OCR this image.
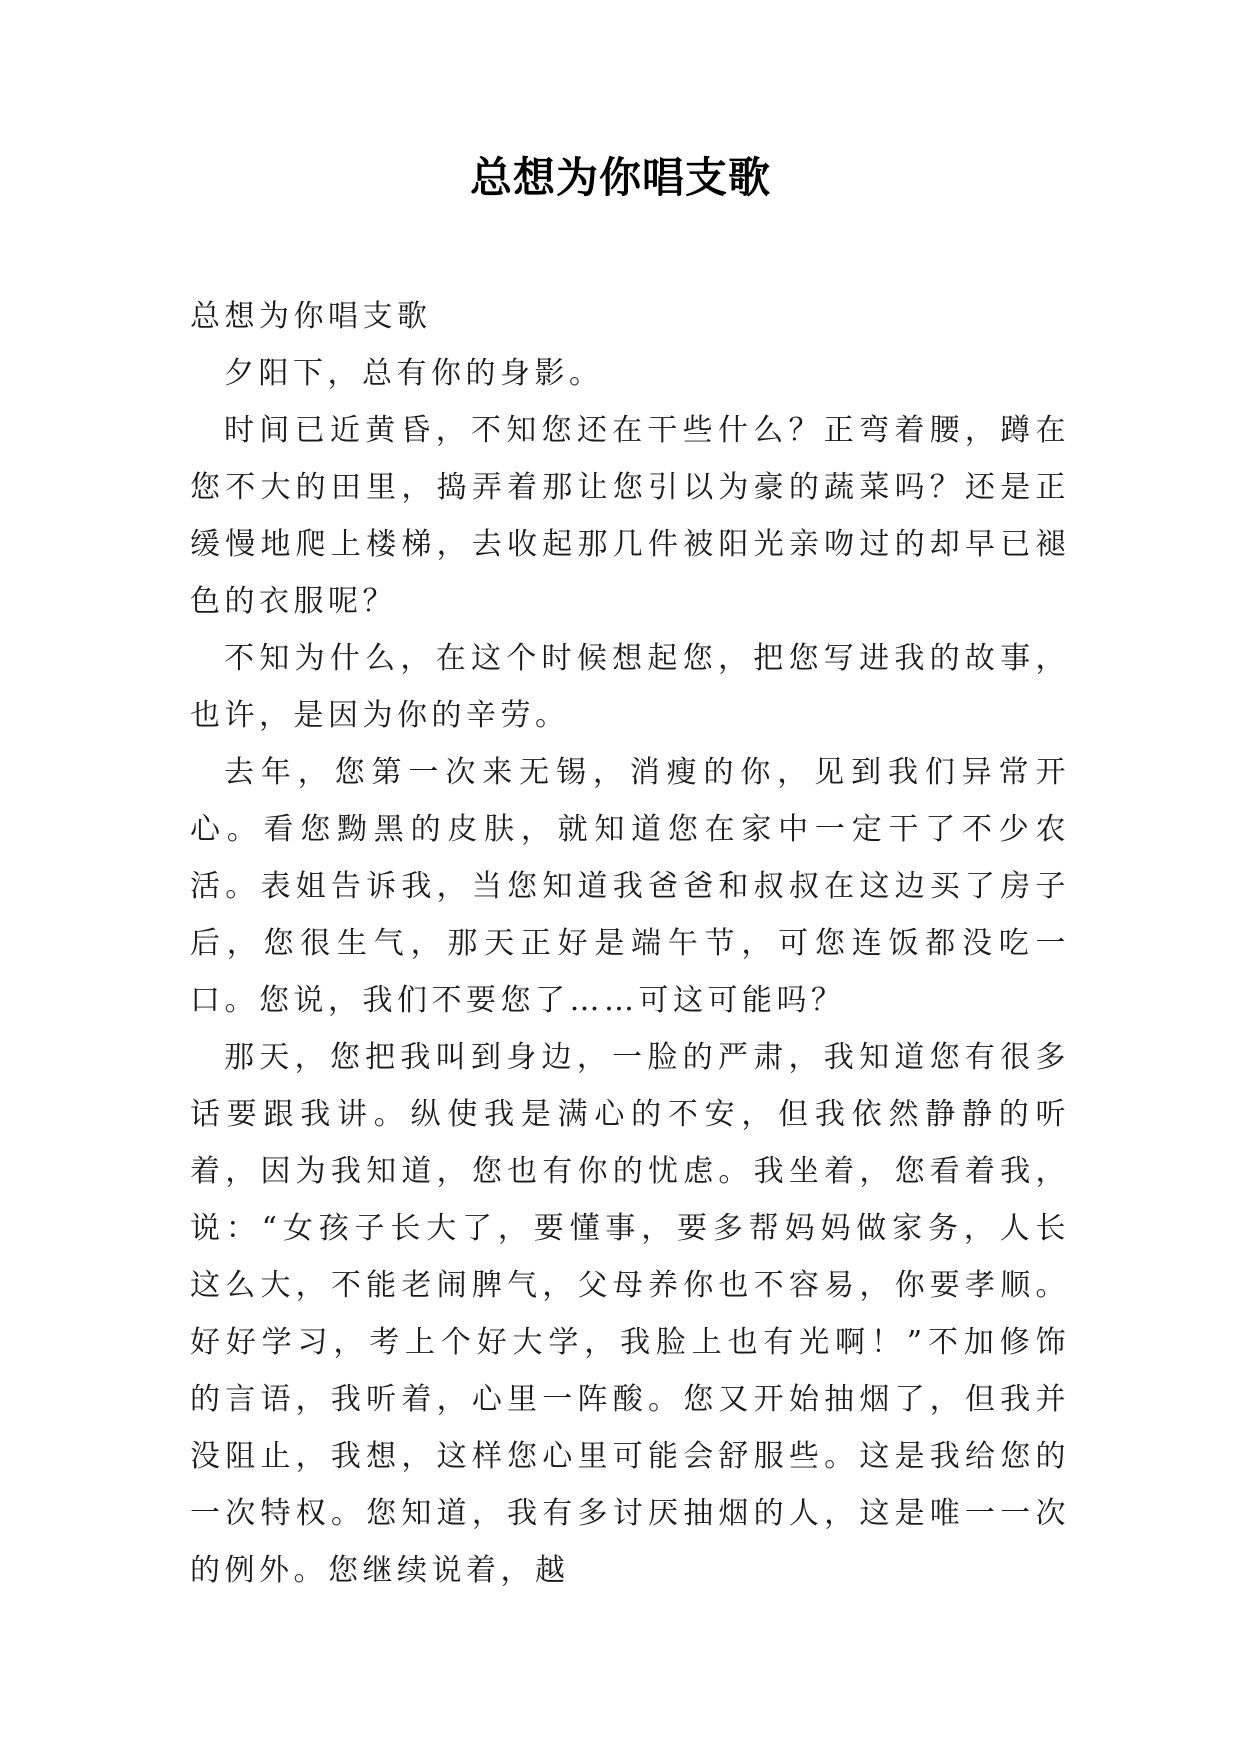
总想为你唱支歌

总想为你唱支歌

夕阳下，总有你的身影。

时间已近黄昏，不知您还在干些什么？正弯着腰，蹲在您不大的田里，捣弄着那让您引以为豪的蔬菜吗？还是正缓慢地爬上楼梯，去收起那几件被阳光亲吻过的却早已褪色的衣服呢？

不知为什么，在这个时候想起您，把您写进我的故事，也许，是因为你的辛劳。

去年，您第一次来无锡，消瘦的你，见到我们异常开心。看您黝黑的皮肤，就知道您在家中一定干了不少农活。表姐告诉我，当您知道我爸爸和叔叔在这边买了房子后，您很生气，那天正好是端午节，可您连饭都没吃一口。您说，我们不要您了……可这可能吗？

那天，您把我叫到身边，一脸的严肃，我知道您有很多话要跟我讲。纵使我是满心的不安，但我依然静静的听着，因为我知道，您也有你的忧虑。我坐着，您看着我，说：“女孩子长大了，要懂事，要多帮妈妈做家务，人长这么大，不能老闹脾气，父母养你也不容易，你要孝顺。好好学习，考上个好大学，我脸上也有光啊！”不加修饰的言语，我听着，心里一阵酸。您又开始抽烟了，但我并没阻止，我想，这样您心里可能会舒服些。这是我给您的一次特权。您知道，我有多讨厌抽烟的人，这是唯一一次的例外。您继续说着，越
